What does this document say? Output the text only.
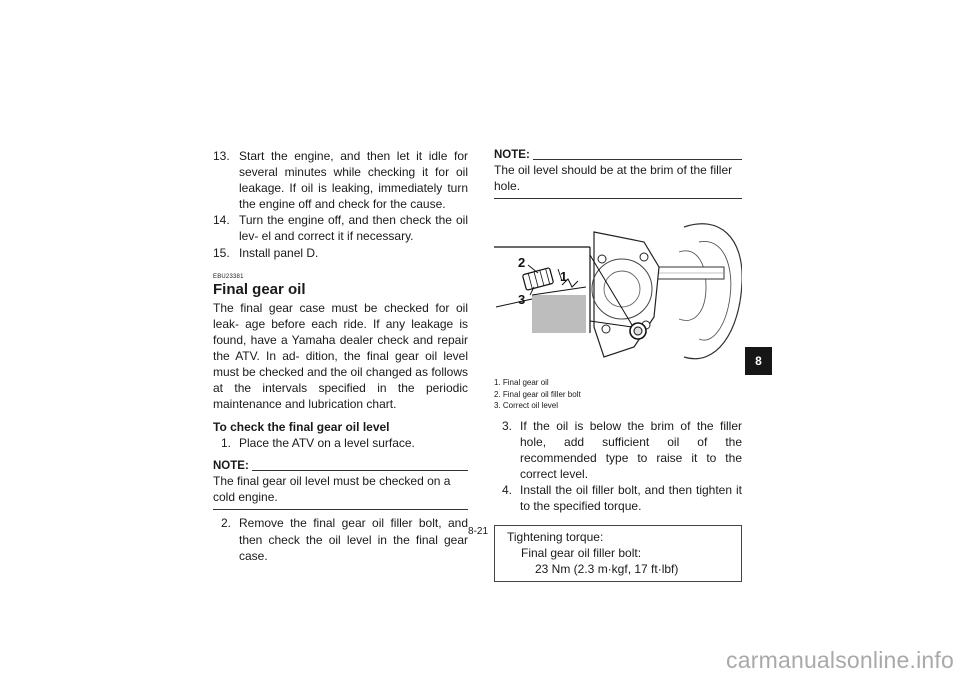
13. Start the engine, and then let it idle for several minutes while checking it for oil leakage. If oil is leaking, immediately turn the engine off and check for the cause.
14. Turn the engine off, and then check the oil lev- el and correct it if necessary.
15. Install panel D.
EBU23381
Final gear oil
The final gear case must be checked for oil leak- age before each ride. If any leakage is found, have a Yamaha dealer check and repair the ATV. In ad- dition, the final gear oil level must be checked and the oil changed as follows at the intervals specified in the periodic maintenance and lubrication chart.
To check the final gear oil level
1. Place the ATV on a level surface.
NOTE:
The final gear oil level must be checked on a cold engine.
2. Remove the final gear oil filler bolt, and then check the oil level in the final gear case.
NOTE:
The oil level should be at the brim of the filler hole.
2
1
3
1. Final gear oil
2. Final gear oil filler bolt
3. Correct oil level
3. If the oil is below the brim of the filler hole, add sufficient oil of the recommended type to raise it to the correct level.
4. Install the oil filler bolt, and then tighten it to the specified torque.
Tightening torque:
Final gear oil filler bolt:
23 Nm (2.3 m·kgf, 17 ft·lbf)
8
8-21
carmanualsonline.info
